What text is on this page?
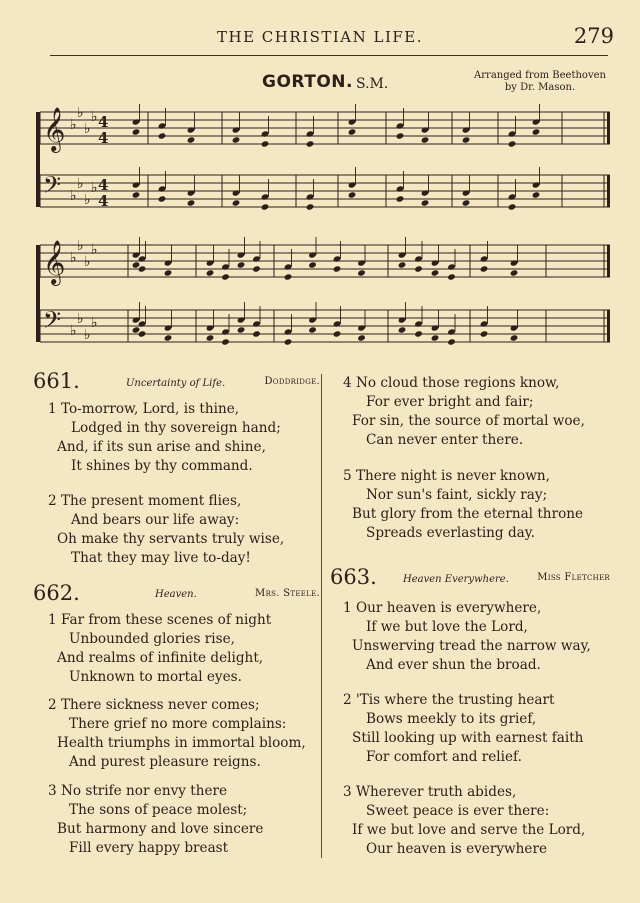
THE CHRISTIAN LIFE.	279
GORTON. S.M.
Arranged from Beethoven
by Dr. Mason.
𝄞 ♭
♭
♭
♭ 4
4
𝄢 ♭
♭
♭
♭ 4
4
𝄞 ♭
♭
♭
♭
𝄢 ♭
♭
♭
♭
661.	Uncertainty of Life.	Doddridge.
1 To-morrow, Lord, is thine,
Lodged in thy sovereign hand;
And, if its sun arise and shine,
It shines by thy command.
2 The present moment flies,
And bears our life away:
Oh make thy servants truly wise,
That they may live to-day!
4 No cloud those regions know,
For ever bright and fair;
For sin, the source of mortal woe,
Can never enter there.
5 There night is never known,
Nor sun's faint, sickly ray;
But glory from the eternal throne
Spreads everlasting day.
662.	Heaven.	Mrs. Steele.
1 Far from these scenes of night
Unbounded glories rise,
And realms of infinite delight,
Unknown to mortal eyes.
2 There sickness never comes;
There grief no more complains:
Health triumphs in immortal bloom,
And purest pleasure reigns.
3 No strife nor envy there
The sons of peace molest;
But harmony and love sincere
Fill every happy breast
663.	Heaven Everywhere.	Miss Fletcher
1 Our heaven is everywhere,
If we but love the Lord,
Unswerving tread the narrow way,
And ever shun the broad.
2 'Tis where the trusting heart
Bows meekly to its grief,
Still looking up with earnest faith
For comfort and relief.
3 Wherever truth abides,
Sweet peace is ever there:
If we but love and serve the Lord,
Our heaven is everywhere
